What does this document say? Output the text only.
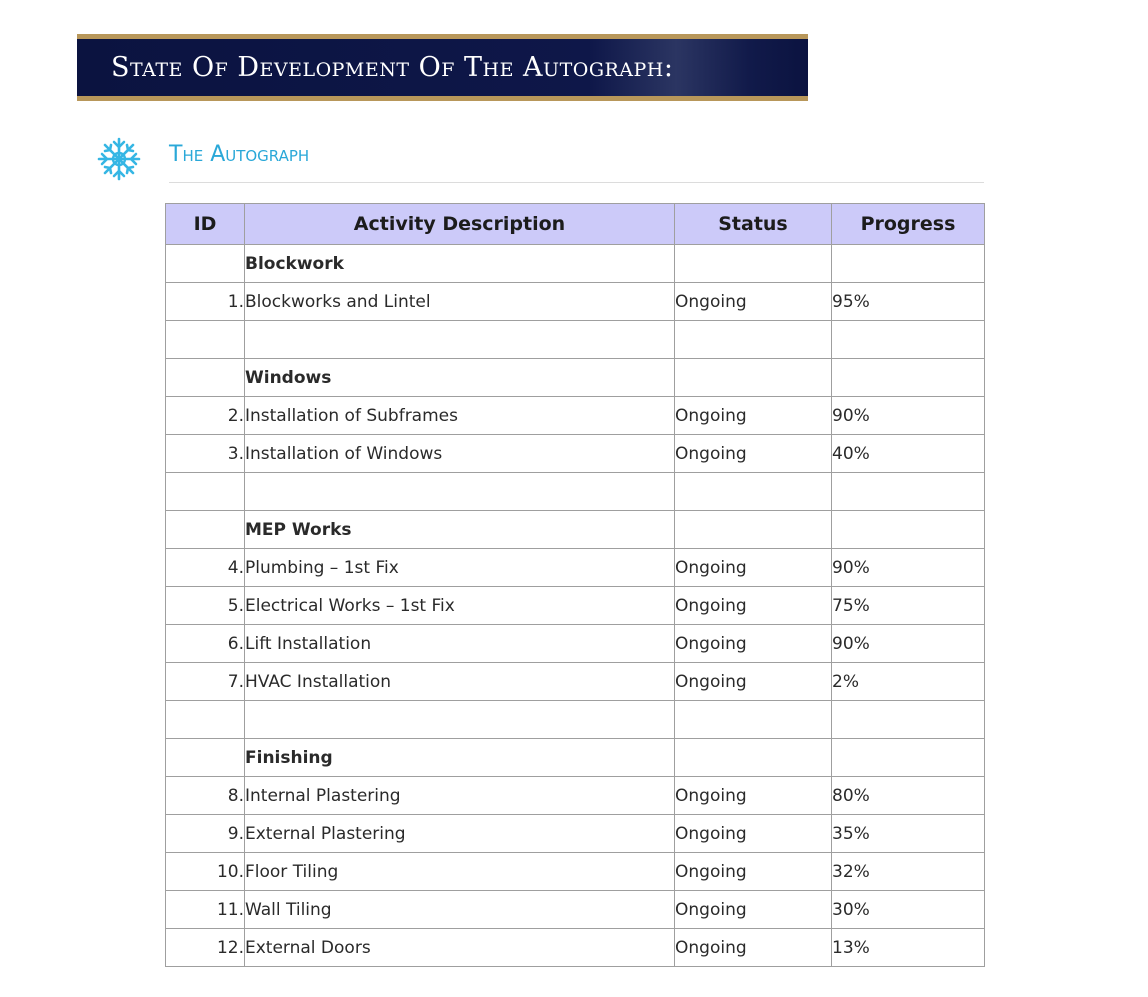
State Of Development Of The Autograph:
The Autograph
ID	Activity Description	Status	Progress
	Blockwork		
1.	Blockworks and Lintel	Ongoing	95%

	Windows		
2.	Installation of Subframes	Ongoing	90%
3.	Installation of Windows	Ongoing	40%

	MEP Works		
4.	Plumbing – 1st Fix	Ongoing	90%
5.	Electrical Works – 1st Fix	Ongoing	75%
6.	Lift Installation	Ongoing	90%
7.	HVAC Installation	Ongoing	2%

	Finishing		
8.	Internal Plastering	Ongoing	80%
9.	External Plastering	Ongoing	35%
10.	Floor Tiling	Ongoing	32%
11.	Wall Tiling	Ongoing	30%
12.	External Doors	Ongoing	13%
